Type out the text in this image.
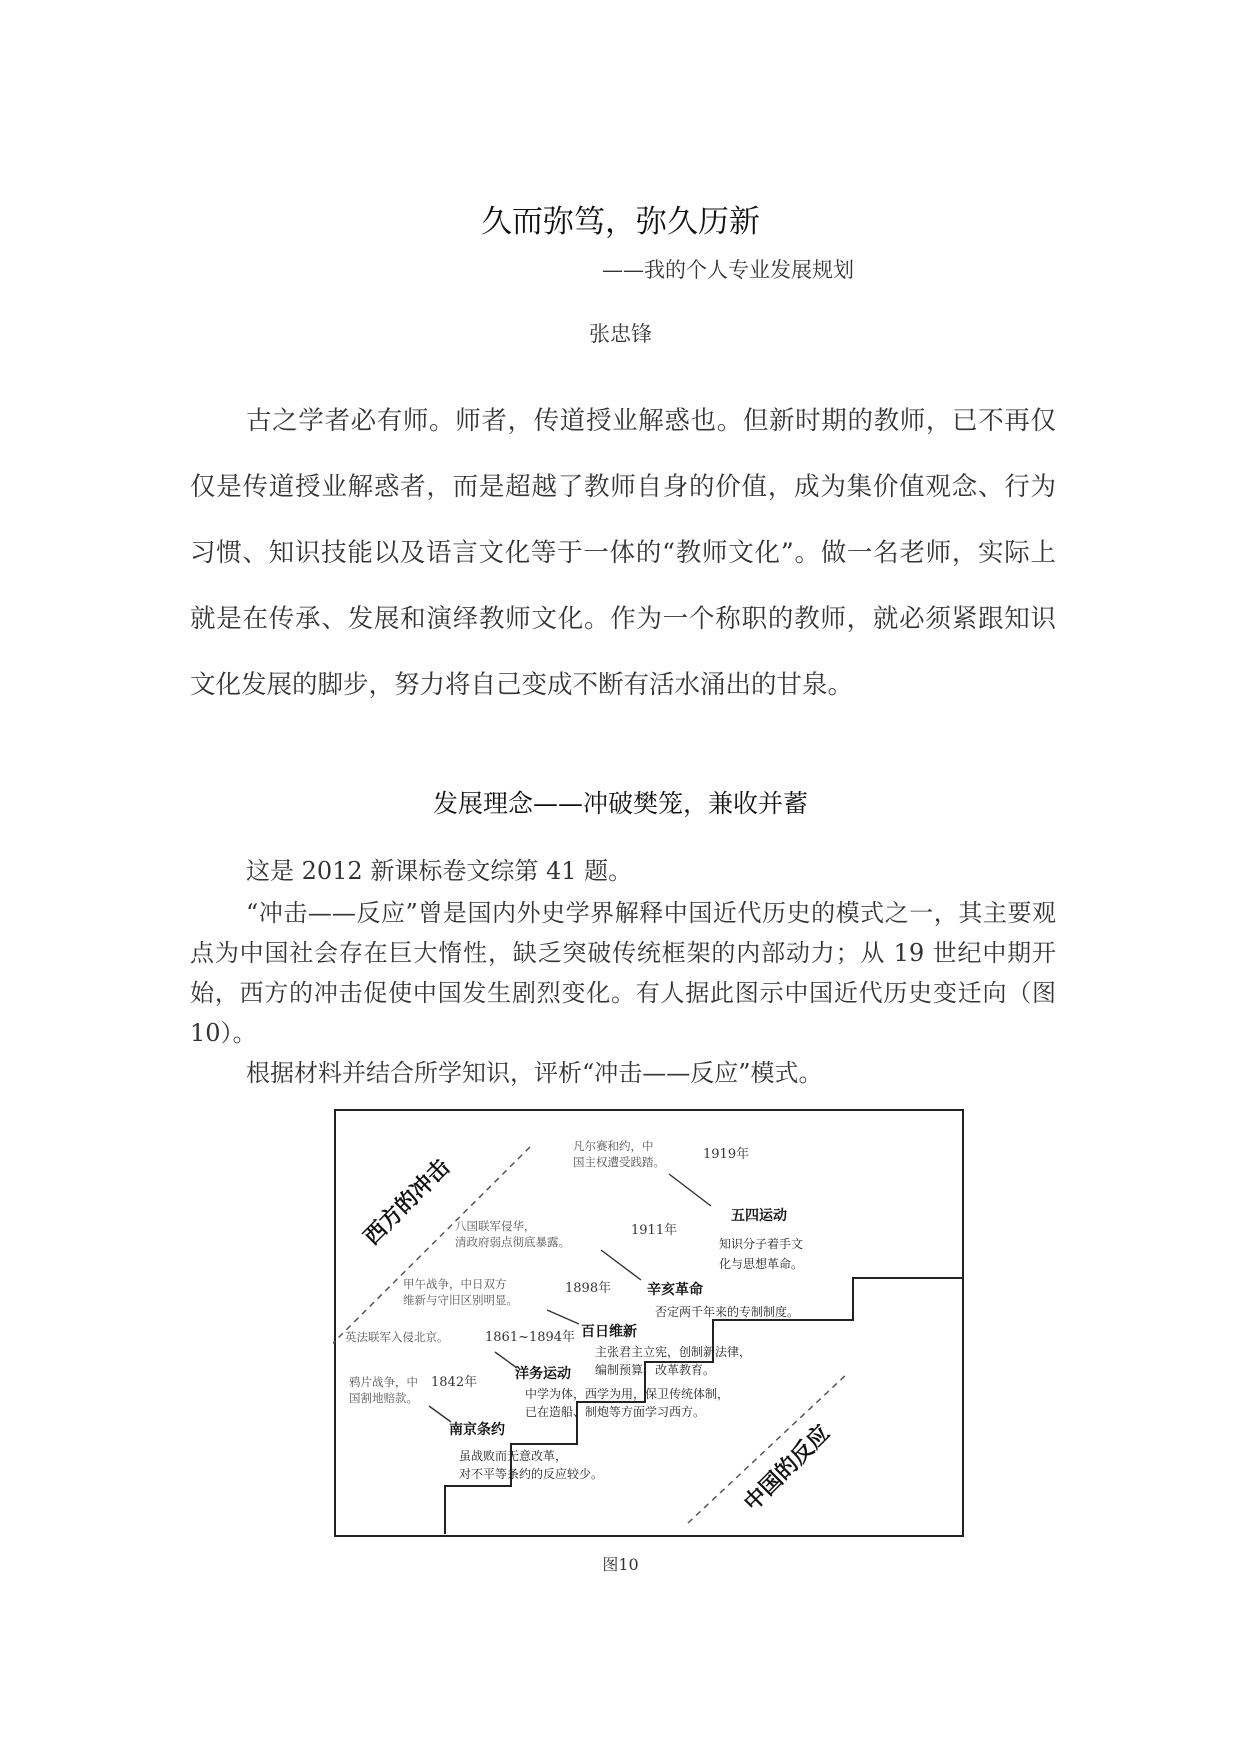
久而弥笃，弥久历新
——我的个人专业发展规划
张忠锋

古之学者必有师。师者，传道授业解惑也。但新时期的教师，已不再仅仅是传道授业解惑者，而是超越了教师自身的价值，成为集价值观念、行为习惯、知识技能以及语言文化等于一体的“教师文化”。做一名老师，实际上就是在传承、发展和演绎教师文化。作为一个称职的教师，就必须紧跟知识文化发展的脚步，努力将自己变成不断有活水涌出的甘泉。

发展理念——冲破樊笼，兼收并蓄

这是 2012 新课标卷文综第 41 题。

“冲击——反应”曾是国内外史学界解释中国近代历史的模式之一，其主要观点为中国社会存在巨大惰性，缺乏突破传统框架的内部动力；从 19 世纪中期开始，西方的冲击促使中国发生剧烈变化。有人据此图示中国近代历史变迁向（图 10）。

根据材料并结合所学知识，评析“冲击——反应”模式。

西方的冲击
中国的反应
鸦片战争，中
国割地赔款。
1842年
南京条约
虽战败而无意改革，
对不平等条约的反应较少。
英法联军入侵北京。	1861~1894年
洋务运动
中学为体，西学为用，保卫传统体制，
已在造船、制炮等方面学习西方。
甲午战争，中日双方
维新与守旧区别明显。
1898年
百日维新
主张君主立宪，创制新法律，
编制预算，改革教育。
八国联军侵华，
清政府弱点彻底暴露。
1911年
辛亥革命
否定两千年来的专制制度。
凡尔赛和约，中
国主权遭受践踏。	1919年
五四运动
知识分子着手文
化与思想革命。
图10
